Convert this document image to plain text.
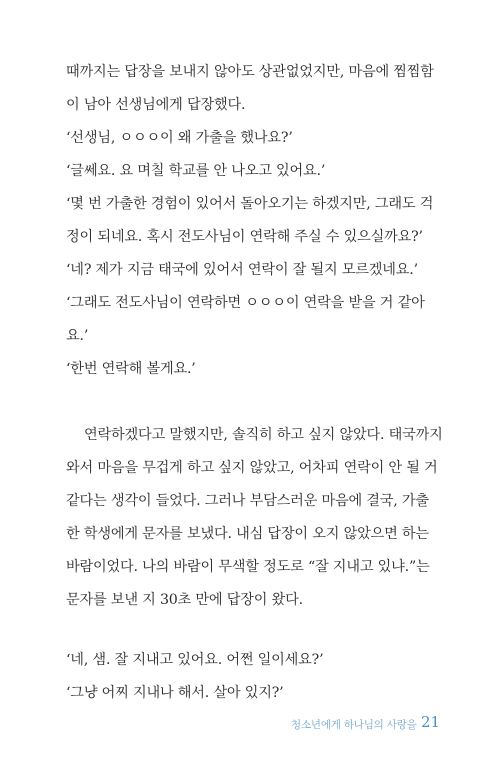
때까지는 답장을 보내지 않아도 상관없었지만, 마음에 찜찜함
이 남아 선생님에게 답장했다.
‘선생님, ㅇㅇㅇ이 왜 가출을 했나요?’
‘글쎄요. 요 며칠 학교를 안 나오고 있어요.’
‘몇 번 가출한 경험이 있어서 돌아오기는 하겠지만, 그래도 걱
정이 되네요. 혹시 전도사님이 연락해 주실 수 있으실까요?’
‘네? 제가 지금 태국에 있어서 연락이 잘 될지 모르겠네요.’
‘그래도 전도사님이 연락하면 ㅇㅇㅇ이 연락을 받을 거 같아
요.’
‘한번 연락해 볼게요.’
연락하겠다고 말했지만, 솔직히 하고 싶지 않았다. 태국까지
와서 마음을 무겁게 하고 싶지 않았고, 어차피 연락이 안 될 거
같다는 생각이 들었다. 그러나 부담스러운 마음에 결국, 가출
한 학생에게 문자를 보냈다. 내심 답장이 오지 않았으면 하는
바람이었다. 나의 바람이 무색할 정도로 “잘 지내고 있냐.”는
문자를 보낸 지 30초 만에 답장이 왔다.
‘네, 샘. 잘 지내고 있어요. 어쩐 일이세요?’
‘그냥 어찌 지내나 해서. 살아 있지?’
청소년에게 하나님의 사랑을 21
